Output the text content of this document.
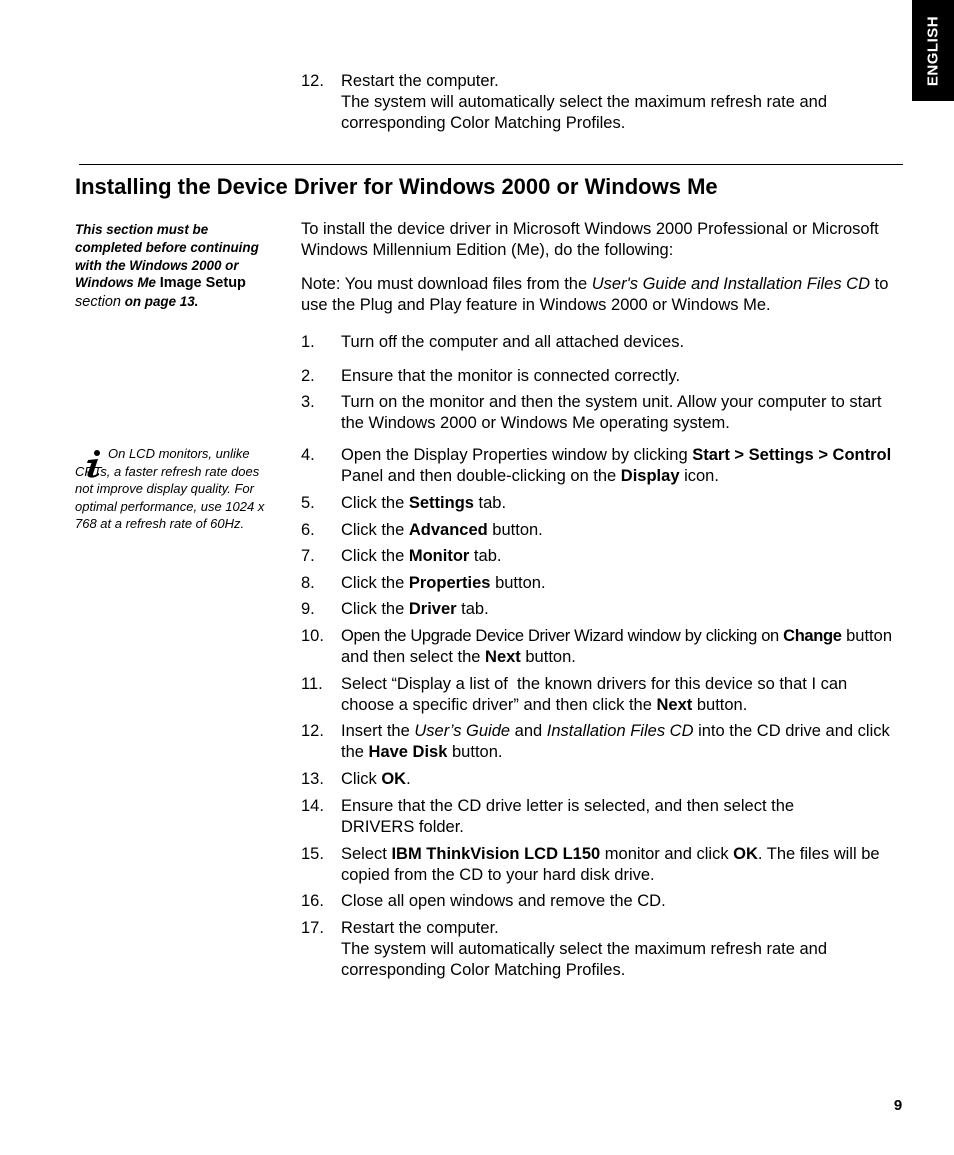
ENGLISH
12. Restart the computer.
The system will automatically select the maximum refresh rate and corresponding Color Matching Profiles.
Installing the Device Driver for Windows 2000 or Windows Me
This section must be completed before continuing with the Windows 2000 or Windows Me Image Setup section on page 13.
On LCD monitors, unlike CRTs, a faster refresh rate does not improve display quality. For optimal performance, use 1024 x 768 at a refresh rate of 60Hz.

To install the device driver in Microsoft Windows 2000 Professional or Microsoft Windows Millennium Edition (Me), do the following:

Note: You must download files from the User's Guide and Installation Files CD to use the Plug and Play feature in Windows 2000 or Windows Me.

1. Turn off the computer and all attached devices.
2. Ensure that the monitor is connected correctly.
3. Turn on the monitor and then the system unit. Allow your computer to start the Windows 2000 or Windows Me operating system.
4. Open the Display Properties window by clicking Start > Settings > Control Panel and then double-clicking on the Display icon.
5. Click the Settings tab.
6. Click the Advanced button.
7. Click the Monitor tab.
8. Click the Properties button.
9. Click the Driver tab.
10. Open the Upgrade Device Driver Wizard window by clicking on Change button and then select the Next button.
11. Select “Display a list of  the known drivers for this device so that I can choose a specific driver” and then click the Next button.
12. Insert the User’s Guide and Installation Files CD into the CD drive and click the Have Disk button.
13. Click OK.
14. Ensure that the CD drive letter is selected, and then select the DRIVERS folder.
15. Select IBM ThinkVision LCD L150 monitor and click OK. The files will be copied from the CD to your hard disk drive.
16. Close all open windows and remove the CD.
17. Restart the computer.
The system will automatically select the maximum refresh rate and corresponding Color Matching Profiles.
9
